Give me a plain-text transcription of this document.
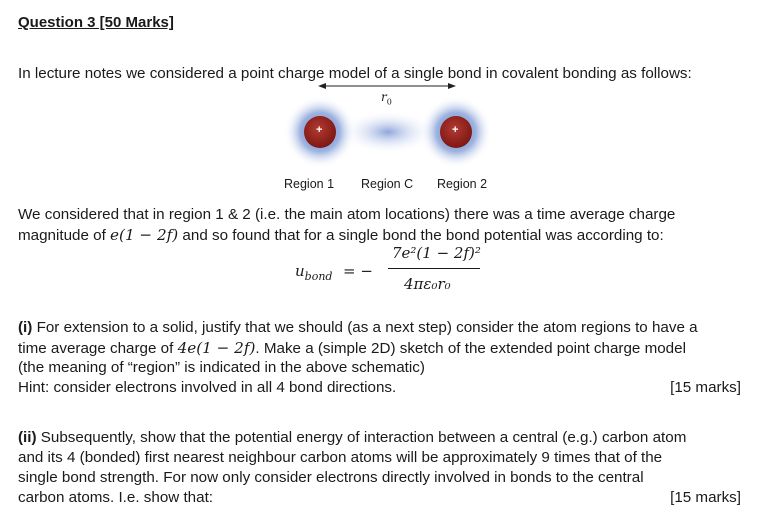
Question 3 [50 Marks]
In lecture notes we considered a point charge model of a single bond in covalent bonding as follows:
$r_0$
+	+
Region 1 Region C Region 2
We considered that in region 1 & 2 (i.e. the main atom locations) there was a time average charge
magnitude of e(1 − 2f) and so found that for a single bond the bond potential was according to:
$u_{bond}$ = −
7e²(1 − 2f)²
4πε₀r₀
(i) For extension to a solid, justify that we should (as a next step) consider the atom regions to have a
time average charge of 4e(1 − 2f). Make a (simple 2D) sketch of the extended point charge model
(the meaning of “region” is indicated in the above schematic)
Hint: consider electrons involved in all 4 bond directions.	[15 marks]
(ii) Subsequently, show that the potential energy of interaction between a central (e.g.) carbon atom
and its 4 (bonded) first nearest neighbour carbon atoms will be approximately 9 times that of the
single bond strength. For now only consider electrons directly involved in bonds to the central
carbon atoms. I.e. show that:	[15 marks]
